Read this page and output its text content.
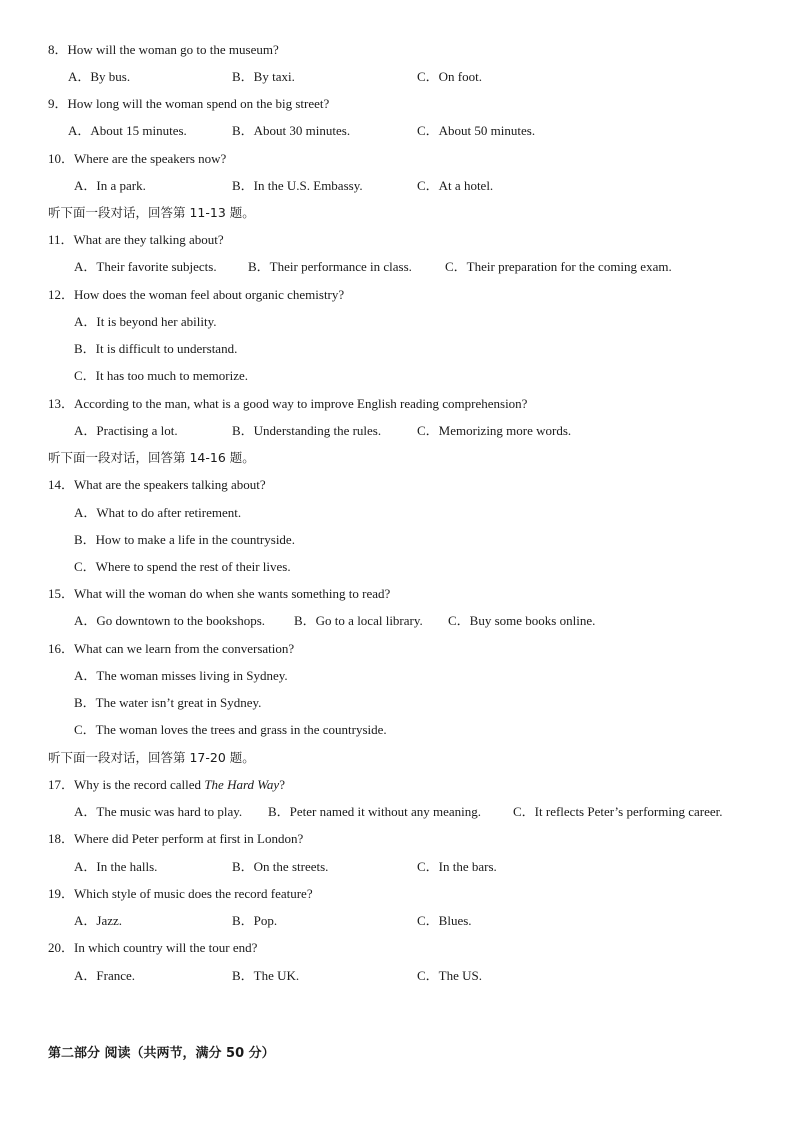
8．How will the woman go to the museum?
A．By bus.	B．By taxi.	C．On foot.
9．How long will the woman spend on the big street?
A．About 15 minutes.	B．About 30 minutes.	C．About 50 minutes.
10．Where are the speakers now?
A．In a park.	B．In the U.S. Embassy.	C．At a hotel.
听下面一段对话，回答第 11-13 题。
11．What are they talking about?
A．Their favorite subjects. B．Their performance in class.	C．Their preparation for the coming exam.
12．How does the woman feel about organic chemistry?
A．It is beyond her ability.
B．It is difficult to understand.
C．It has too much to memorize.
13．According to the man, what is a good way to improve English reading comprehension?
A．Practising a lot.	B．Understanding the rules.	C．Memorizing more words.
听下面一段对话，回答第 14-16 题。
14．What are the speakers talking about?
A．What to do after retirement.
B．How to make a life in the countryside.
C．Where to spend the rest of their lives.
15．What will the woman do when she wants something to read?
A．Go downtown to the bookshops. B．Go to a local library. C．Buy some books online.
16．What can we learn from the conversation?
A．The woman misses living in Sydney.
B．The water isn’t great in Sydney.
C．The woman loves the trees and grass in the countryside.
听下面一段对话，回答第 17-20 题。
17．Why is the record called The Hard Way?
A．The music was hard to play. B．Peter named it without any meaning. C．It reflects Peter’s performing career.
18．Where did Peter perform at first in London?
A．In the halls.	B．On the streets.	C．In the bars.
19．Which style of music does the record feature?
A．Jazz.	B．Pop.	C．Blues.
20．In which country will the tour end?
A．France.	B．The UK.	C．The US.
第二部分 阅读（共两节，满分 50 分）
